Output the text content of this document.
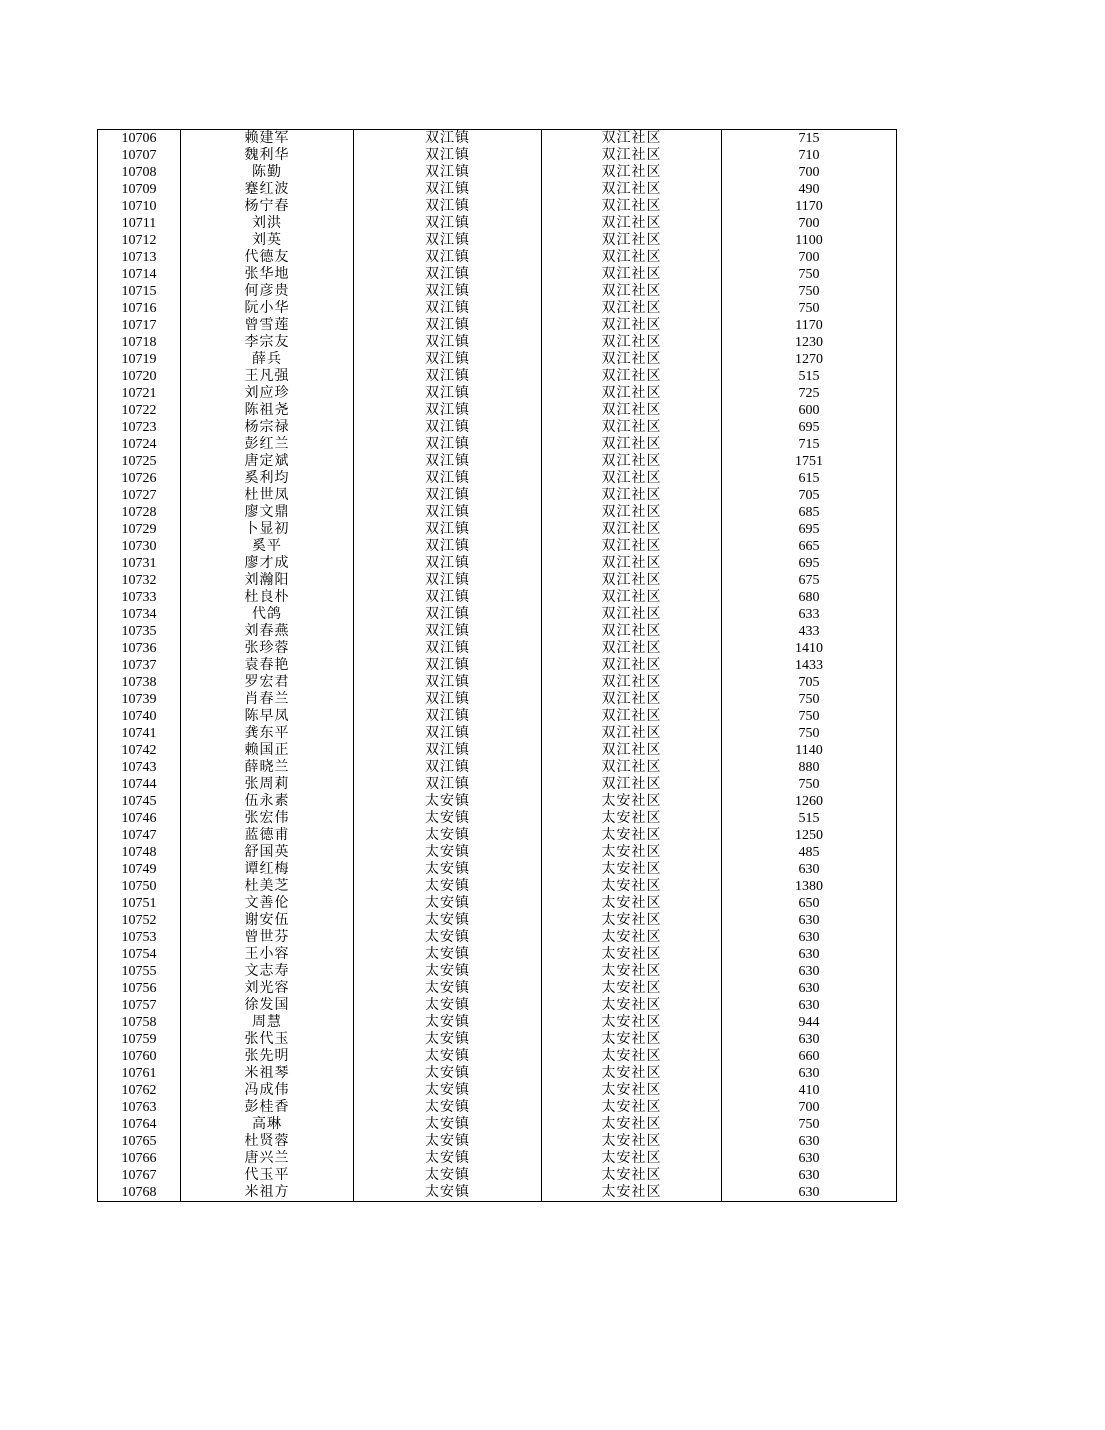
10706	赖建军	双江镇	双江社区	715
10707	魏利华	双江镇	双江社区	710
10708	陈勤	双江镇	双江社区	700
10709	蹇红波	双江镇	双江社区	490
10710	杨宁春	双江镇	双江社区	1170
10711	刘洪	双江镇	双江社区	700
10712	刘英	双江镇	双江社区	1100
10713	代德友	双江镇	双江社区	700
10714	张华地	双江镇	双江社区	750
10715	何彦贵	双江镇	双江社区	750
10716	阮小华	双江镇	双江社区	750
10717	曾雪莲	双江镇	双江社区	1170
10718	李宗友	双江镇	双江社区	1230
10719	薛兵	双江镇	双江社区	1270
10720	王凡强	双江镇	双江社区	515
10721	刘应珍	双江镇	双江社区	725
10722	陈祖尧	双江镇	双江社区	600
10723	杨宗禄	双江镇	双江社区	695
10724	彭红兰	双江镇	双江社区	715
10725	唐定斌	双江镇	双江社区	1751
10726	奚利均	双江镇	双江社区	615
10727	杜世凤	双江镇	双江社区	705
10728	廖文鼎	双江镇	双江社区	685
10729	卜显初	双江镇	双江社区	695
10730	奚平	双江镇	双江社区	665
10731	廖才成	双江镇	双江社区	695
10732	刘瀚阳	双江镇	双江社区	675
10733	杜良朴	双江镇	双江社区	680
10734	代鸽	双江镇	双江社区	633
10735	刘春燕	双江镇	双江社区	433
10736	张珍蓉	双江镇	双江社区	1410
10737	袁春艳	双江镇	双江社区	1433
10738	罗宏君	双江镇	双江社区	705
10739	肖春兰	双江镇	双江社区	750
10740	陈早凤	双江镇	双江社区	750
10741	龚东平	双江镇	双江社区	750
10742	赖国正	双江镇	双江社区	1140
10743	薛晓兰	双江镇	双江社区	880
10744	张周莉	双江镇	双江社区	750
10745	伍永素	太安镇	太安社区	1260
10746	张宏伟	太安镇	太安社区	515
10747	蓝德甫	太安镇	太安社区	1250
10748	舒国英	太安镇	太安社区	485
10749	谭红梅	太安镇	太安社区	630
10750	杜美芝	太安镇	太安社区	1380
10751	文善伦	太安镇	太安社区	650
10752	谢安伍	太安镇	太安社区	630
10753	曾世芬	太安镇	太安社区	630
10754	王小容	太安镇	太安社区	630
10755	文志寿	太安镇	太安社区	630
10756	刘光容	太安镇	太安社区	630
10757	徐发国	太安镇	太安社区	630
10758	周慧	太安镇	太安社区	944
10759	张代玉	太安镇	太安社区	630
10760	张先明	太安镇	太安社区	660
10761	米祖琴	太安镇	太安社区	630
10762	冯成伟	太安镇	太安社区	410
10763	彭桂香	太安镇	太安社区	700
10764	高琳	太安镇	太安社区	750
10765	杜贤蓉	太安镇	太安社区	630
10766	唐兴兰	太安镇	太安社区	630
10767	代玉平	太安镇	太安社区	630
10768	米祖方	太安镇	太安社区	630
